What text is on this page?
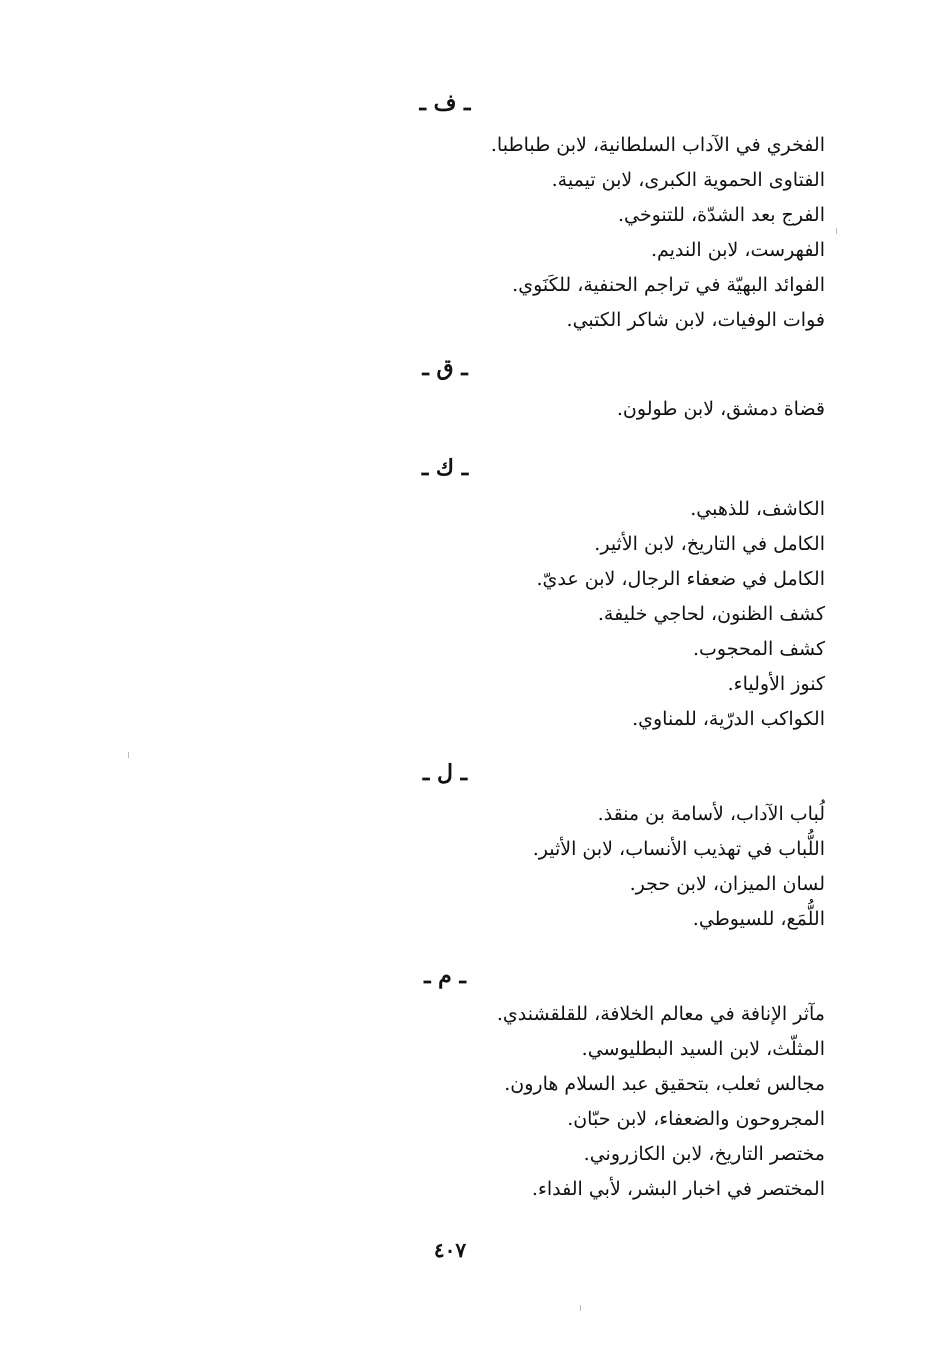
ـ ف ـ
الفخري في الآداب السلطانية، لابن طباطبا.
الفتاوى الحموية الكبرى، لابن تيمية.
الفرج بعد الشدّة، للتنوخي.
الفهرست، لابن النديم.
الفوائد البهيّة في تراجم الحنفية، للكَنَوي.
فوات الوفيات، لابن شاكر الكتبي.
ـ ق ـ
قضاة دمشق، لابن طولون.
ـ ك ـ
الكاشف، للذهبي.
الكامل في التاريخ، لابن الأثير.
الكامل في ضعفاء الرجال، لابن عديّ.
كشف الظنون، لحاجي خليفة.
كشف المحجوب.
كنوز الأولياء.
الكواكب الدرّية، للمناوي.
ـ ل ـ
لُباب الآداب، لأسامة بن منقذ.
اللُّباب في تهذيب الأنساب، لابن الأثير.
لسان الميزان، لابن حجر.
اللُّمَع، للسيوطي.
ـ م ـ
مآثر الإنافة في معالم الخلافة، للقلقشندي.
المثلّث، لابن السيد البطليوسي.
مجالس ثعلب، بتحقيق عبد السلام هارون.
المجروحون والضعفاء، لابن حبّان.
مختصر التاريخ، لابن الكازروني.
المختصر في اخبار البشر، لأبي الفداء.
٤٠٧
